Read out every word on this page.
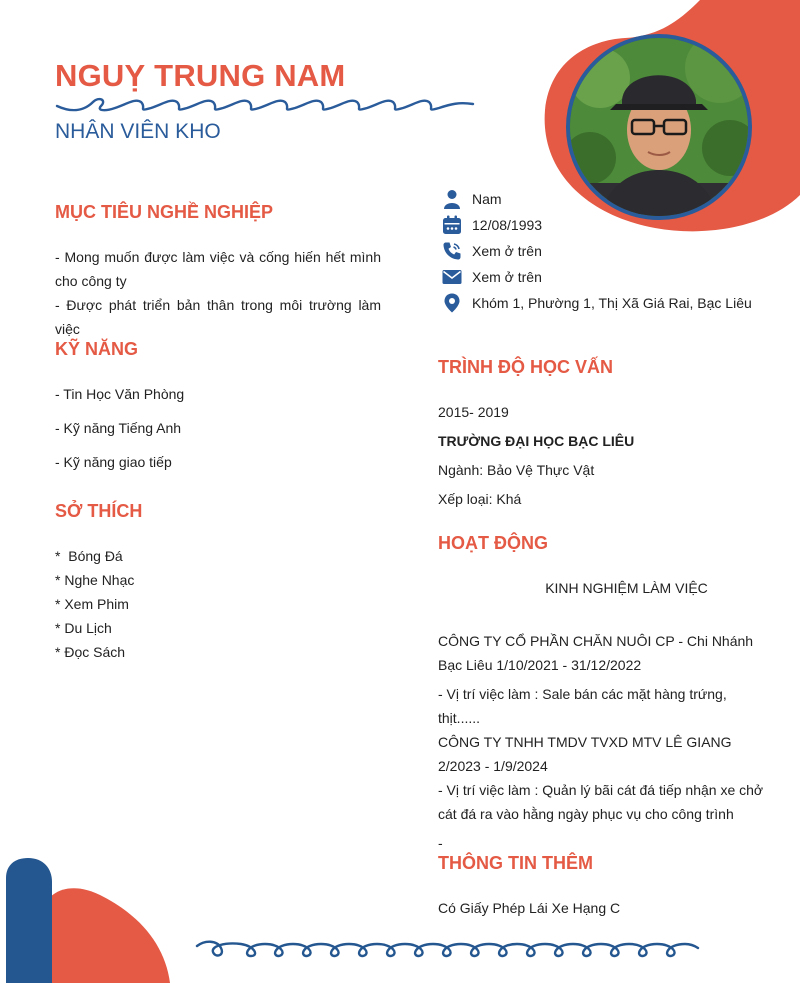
NGUỴ TRUNG NAM
NHÂN VIÊN KHO
Nam
12/08/1993
Xem ở trên
Xem ở trên
Khóm 1, Phường 1, Thị Xã Giá Rai, Bạc Liêu
MỤC TIÊU NGHỀ NGHIỆP

- Mong muốn được làm việc và cống hiến hết mình cho công ty

- Được phát triển bản thân trong môi trường làm việc

KỸ NĂNG
- Tin Học Văn Phòng
- Kỹ năng Tiếng Anh
- Kỹ năng giao tiếp
SỞ THÍCH
*  Bóng Đá
* Nghe Nhạc
* Xem Phim
* Du Lịch
* Đọc Sách
TRÌNH ĐỘ HỌC VẤN
2015- 2019
TRƯỜNG ĐẠI HỌC BẠC LIÊU
Ngành: Bảo Vệ Thực Vật
Xếp loại: Khá
HOẠT ĐỘNG
KINH NGHIỆM LÀM VIỆC

CÔNG TY CỔ PHẦN CHĂN NUÔI CP - Chi Nhánh Bạc Liêu 1/10/2021 - 31/12/2022

- Vị trí việc làm : Sale bán các mặt hàng trứng, thịt......

CÔNG TY TNHH TMDV TVXD MTV LÊ GIANG 2/2023 - 1/9/2024

- Vị trí việc làm : Quản lý bãi cát đá tiếp nhận xe chở cát đá ra vào hằng ngày phục vụ cho công trình

-

THÔNG TIN THÊM
Có Giấy Phép Lái Xe Hạng C
